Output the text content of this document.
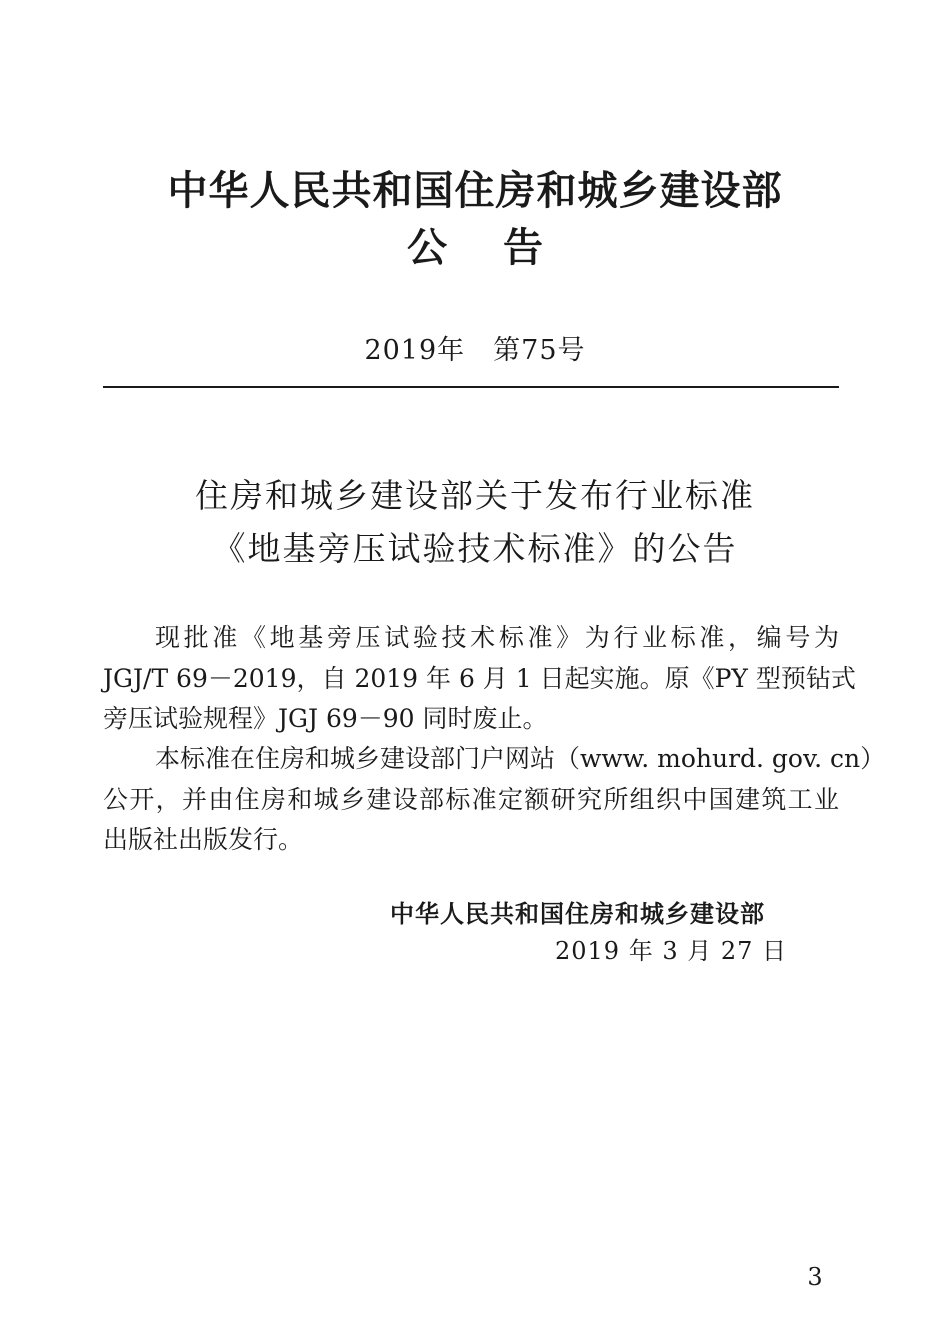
中华人民共和国住房和城乡建设部
公告
2019年　第75号
住房和城乡建设部关于发布行业标准
《地基旁压试验技术标准》的公告
现批准《地基旁压试验技术标准》为行业标准，编号为
JGJ/T 69－2019，自 2019 年 6 月 1 日起实施。原《PY 型预钻式
旁压试验规程》JGJ 69－90 同时废止。
本标准在住房和城乡建设部门户网站（www. mohurd. gov. cn）
公开，并由住房和城乡建设部标准定额研究所组织中国建筑工业
出版社出版发行。
中华人民共和国住房和城乡建设部
2019 年 3 月 27 日
3
